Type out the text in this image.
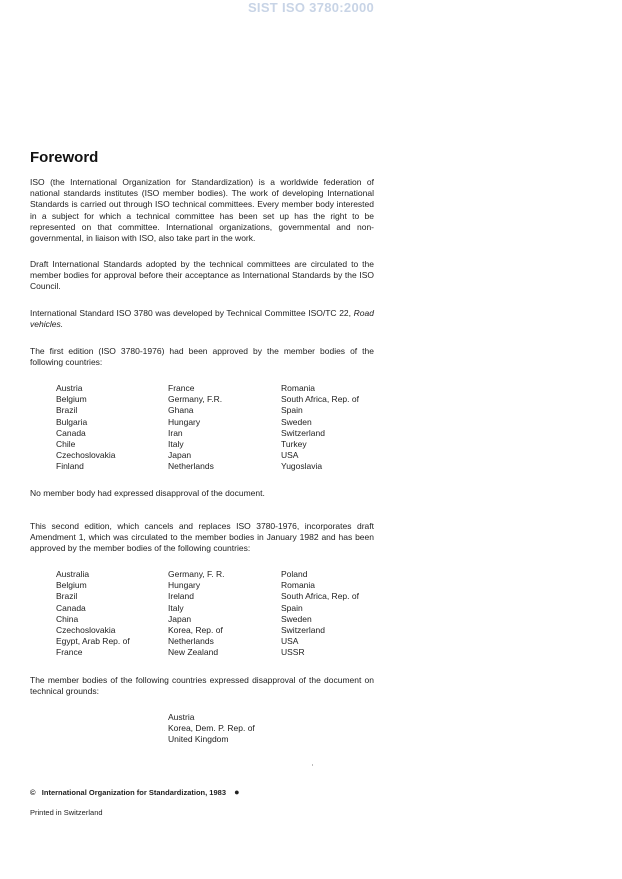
SIST ISO 3780:2000
Foreword
ISO (the International Organization for Standardization) is a worldwide federation of national standards institutes (ISO member bodies). The work of developing International Standards is carried out through ISO technical committees. Every member body interested in a subject for which a technical committee has been set up has the right to be represented on that committee. International organizations, governmental and non-governmental, in liaison with ISO, also take part in the work.
Draft International Standards adopted by the technical committees are circulated to the member bodies for approval before their acceptance as International Standards by the ISO Council.
International Standard ISO 3780 was developed by Technical Committee ISO/TC 22, Road vehicles.
The first edition (ISO 3780-1976) had been approved by the member bodies of the following countries:
Austria
Belgium
Brazil
Bulgaria
Canada
Chile
Czechoslovakia
Finland
France
Germany, F.R.
Ghana
Hungary
Iran
Italy
Japan
Netherlands
Romania
South Africa, Rep. of
Spain
Sweden
Switzerland
Turkey
USA
Yugoslavia
No member body had expressed disapproval of the document.
This second edition, which cancels and replaces ISO 3780-1976, incorporates draft Amendment 1, which was circulated to the member bodies in January 1982 and has been approved by the member bodies of the following countries:
Australia
Belgium
Brazil
Canada
China
Czechoslovakia
Egypt, Arab Rep. of
France
Germany, F. R.
Hungary
Ireland
Italy
Japan
Korea, Rep. of
Netherlands
New Zealand
Poland
Romania
South Africa, Rep. of
Spain
Sweden
Switzerland
USA
USSR
The member bodies of the following countries expressed disapproval of the document on technical grounds:
Austria
Korea, Dem. P. Rep. of
United Kingdom
© International Organization for Standardization, 1983 ●
Printed in Switzerland
